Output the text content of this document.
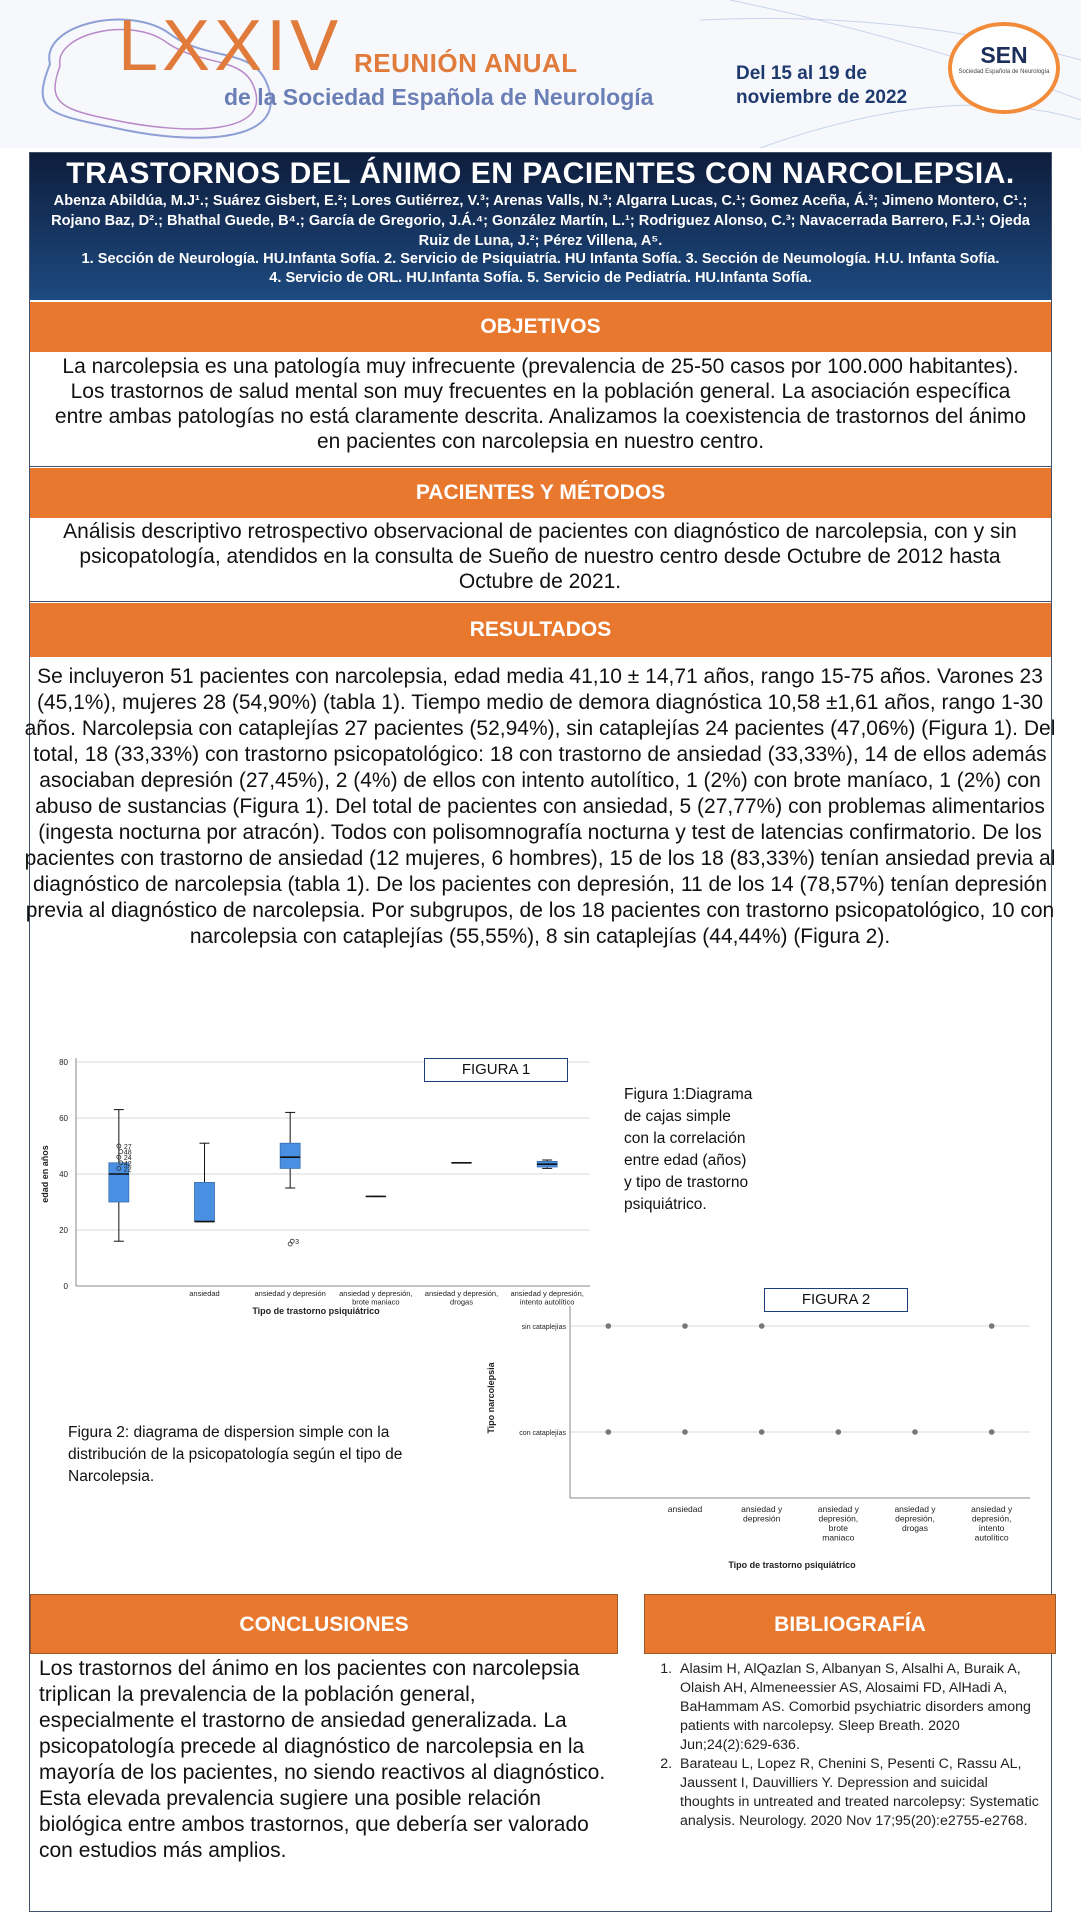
LXXIV REUNIÓN ANUAL
de la Sociedad Española de Neurología
Del 15 al 19 de
noviembre de 2022
SEN
Sociedad Española de Neurología
TRASTORNOS DEL ÁNIMO EN PACIENTES CON NARCOLEPSIA.
Abenza Abildúa, M.J¹.; Suárez Gisbert, E.²; Lores Gutiérrez, V.³; Arenas Valls, N.³; Algarra Lucas, C.¹; Gomez Aceña, Á.³; Jimeno Montero, C¹.; Rojano Baz, D².; Bhathal Guede, B⁴.; García de Gregorio, J.Á.⁴; González Martín, L.¹; Rodriguez Alonso, C.³; Navacerrada Barrero, F.J.¹; Ojeda Ruiz de Luna, J.²; Pérez Villena, A⁵.
1. Sección de Neurología. HU.Infanta Sofía. 2. Servicio de Psiquiatría. HU Infanta Sofía. 3. Sección de Neumología. H.U. Infanta Sofía. 4. Servicio de ORL. HU.Infanta Sofía. 5. Servicio de Pediatría. HU.Infanta Sofía.
OBJETIVOS
La narcolepsia es una patología muy infrecuente (prevalencia de 25-50 casos por 100.000 habitantes). Los trastornos de salud mental son muy frecuentes en la población general. La asociación específica entre ambas patologías no está claramente descrita. Analizamos la coexistencia de trastornos del ánimo en pacientes con narcolepsia en nuestro centro.
PACIENTES Y MÉTODOS
Análisis descriptivo retrospectivo observacional de pacientes con diagnóstico de narcolepsia, con y sin psicopatología, atendidos en la consulta de Sueño de nuestro centro desde Octubre de 2012 hasta Octubre de 2021.
RESULTADOS
Se incluyeron 51 pacientes con narcolepsia, edad media 41,10 ± 14,71 años, rango 15-75 años. Varones 23 (45,1%), mujeres 28 (54,90%) (tabla 1). Tiempo medio de demora diagnóstica 10,58 ±1,61 años, rango 1-30 años. Narcolepsia con cataplejías 27 pacientes (52,94%), sin cataplejías 24 pacientes (47,06%) (Figura 1). Del total, 18 (33,33%) con trastorno psicopatológico: 18 con trastorno de ansiedad (33,33%), 14 de ellos además asociaban depresión (27,45%), 2 (4%) de ellos con intento autolítico, 1 (2%) con brote maníaco, 1 (2%) con abuso de sustancias (Figura 1). Del total de pacientes con ansiedad, 5 (27,77%) con problemas alimentarios (ingesta nocturna por atracón). Todos con polisomnografía nocturna y test de latencias confirmatorio. De los pacientes con trastorno de ansiedad (12 mujeres, 6 hombres), 15 de los 18 (83,33%) tenían ansiedad previa al diagnóstico de narcolepsia (tabla 1). De los pacientes con depresión, 11 de los 14 (78,57%) tenían depresión previa al diagnóstico de narcolepsia. Por subgrupos, de los 18 pacientes con trastorno psicopatológico, 10 con narcolepsia con cataplejías (55,55%), 8 sin cataplejías (44,44%) (Figura 2).
0
20
40
60
80
edad en años
Tipo de trastorno psiquiátrico
22
42
24
48
27
ansiedad
3
ansiedad y depresión ansiedad y depresión, brote maniaco
ansiedad y depresión, drogas
ansiedad y depresión, intento autolítico
FIGURA 1
Figura 1:Diagrama
de cajas simple
con la correlación
entre edad (años)
y tipo de trastorno
psiquiátrico.
con cataplejías
sin cataplejías
Tipo narcolepsia
Tipo de trastorno psiquiátrico
ansiedad	ansiedad y depresión
ansiedad y depresión, brote maniaco
ansiedad y depresión, drogas
ansiedad y depresión, intento autolítico
FIGURA 2
Figura 2: diagrama de dispersion simple con la
distribución de la psicopatología según el tipo de
Narcolepsia.
CONCLUSIONES
Los trastornos del ánimo en los pacientes con narcolepsia triplican la prevalencia de la población general, especialmente el trastorno de ansiedad generalizada. La psicopatología precede al diagnóstico de narcolepsia en la mayoría de los pacientes, no siendo reactivos al diagnóstico. Esta elevada prevalencia sugiere una posible relación biológica entre ambos trastornos, que debería ser valorado con estudios más amplios.
BIBLIOGRAFÍA
1. Alasim H, AlQazlan S, Albanyan S, Alsalhi A, Buraik A, Olaish AH, Almeneessier AS, Alosaimi FD, AlHadi A, BaHammam AS. Comorbid psychiatric disorders among patients with narcolepsy. Sleep Breath. 2020 Jun;24(2):629-636.
2. Barateau L, Lopez R, Chenini S, Pesenti C, Rassu AL, Jaussent I, Dauvilliers Y. Depression and suicidal thoughts in untreated and treated narcolepsy: Systematic analysis. Neurology. 2020 Nov 17;95(20):e2755-e2768.
